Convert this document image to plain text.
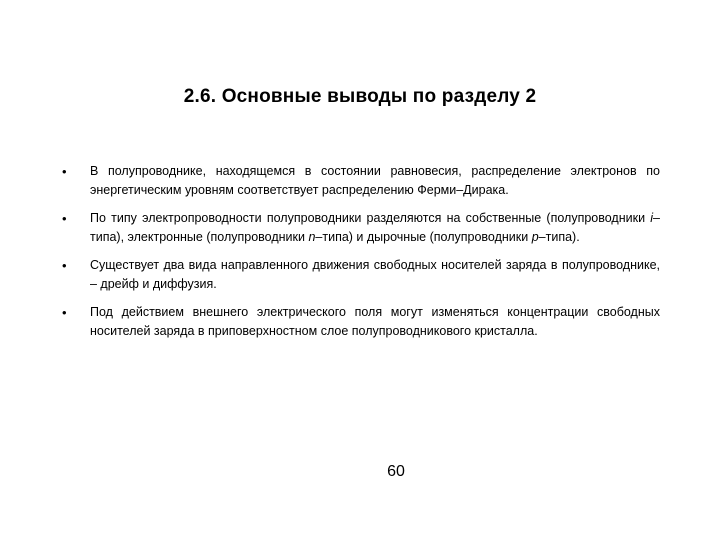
2.6. Основные выводы по разделу 2
• В полупроводнике, находящемся в состоянии равновесия, распределение электронов по энергетическим уровням соответствует распределению Ферми–Дирака.
• По типу электропроводности полупроводники разделяются на собственные (полупроводники i–типа), электронные (полупроводники n–типа) и дырочные (полупроводники p–типа).
• Существует два вида направленного движения свободных носителей заряда в полупроводнике, – дрейф и диффузия.
• Под действием внешнего электрического поля могут изменяться концентрации свободных носителей заряда в приповерхностном слое полупроводникового кристалла.
60
